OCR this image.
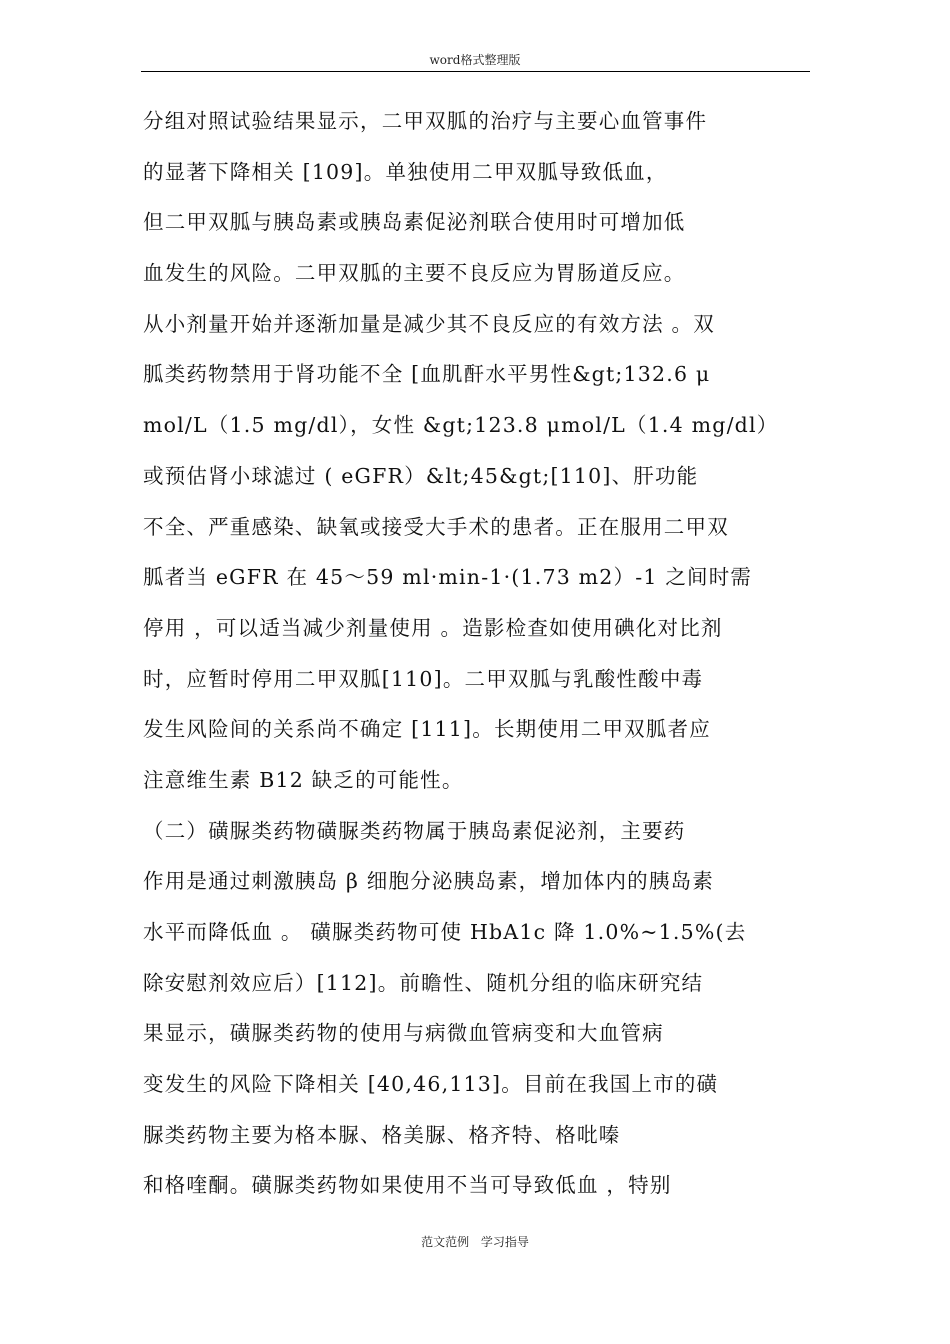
word格式整理版
分组对照试验结果显示，二甲双胍的治疗与主要心血管事件
的显著下降相关 [109]。单独使用二甲双胍导致低血，
但二甲双胍与胰岛素或胰岛素促泌剂联合使用时可增加低
血发生的风险。二甲双胍的主要不良反应为胃肠道反应。
从小剂量开始并逐渐加量是减少其不良反应的有效方法 。双
胍类药物禁用于肾功能不全 [血肌酐水平男性&gt;132.6 μ
mol/L（1.5 mg/dl），女性 &gt;123.8 μmol/L（1.4 mg/dl）
或预估肾小球滤过 ( eGFR）&lt;45&gt;[110]、肝功能
不全、严重感染、缺氧或接受大手术的患者。正在服用二甲双
胍者当 eGFR 在 45～59 ml·min-1·(1.73 m2）-1 之间时需
停用 ，可以适当减少剂量使用 。造影检查如使用碘化对比剂
时，应暂时停用二甲双胍[110]。二甲双胍与乳酸性酸中毒
发生风险间的关系尚不确定 [111]。长期使用二甲双胍者应
注意维生素 B12 缺乏的可能性。
（二）磺脲类药物磺脲类药物属于胰岛素促泌剂，主要药
作用是通过刺激胰岛 β 细胞分泌胰岛素，增加体内的胰岛素
水平而降低血 。 磺脲类药物可使 HbA1c 降 1.0%~1.5%(去
除安慰剂效应后）[112]。前瞻性、随机分组的临床研究结
果显示，磺脲类药物的使用与病微血管病变和大血管病
变发生的风险下降相关 [40,46,113]。目前在我国上市的磺
脲类药物主要为格本脲、格美脲、格齐特、格吡嗪
和格喹酮。磺脲类药物如果使用不当可导致低血 ，特别
范文范例 学习指导
